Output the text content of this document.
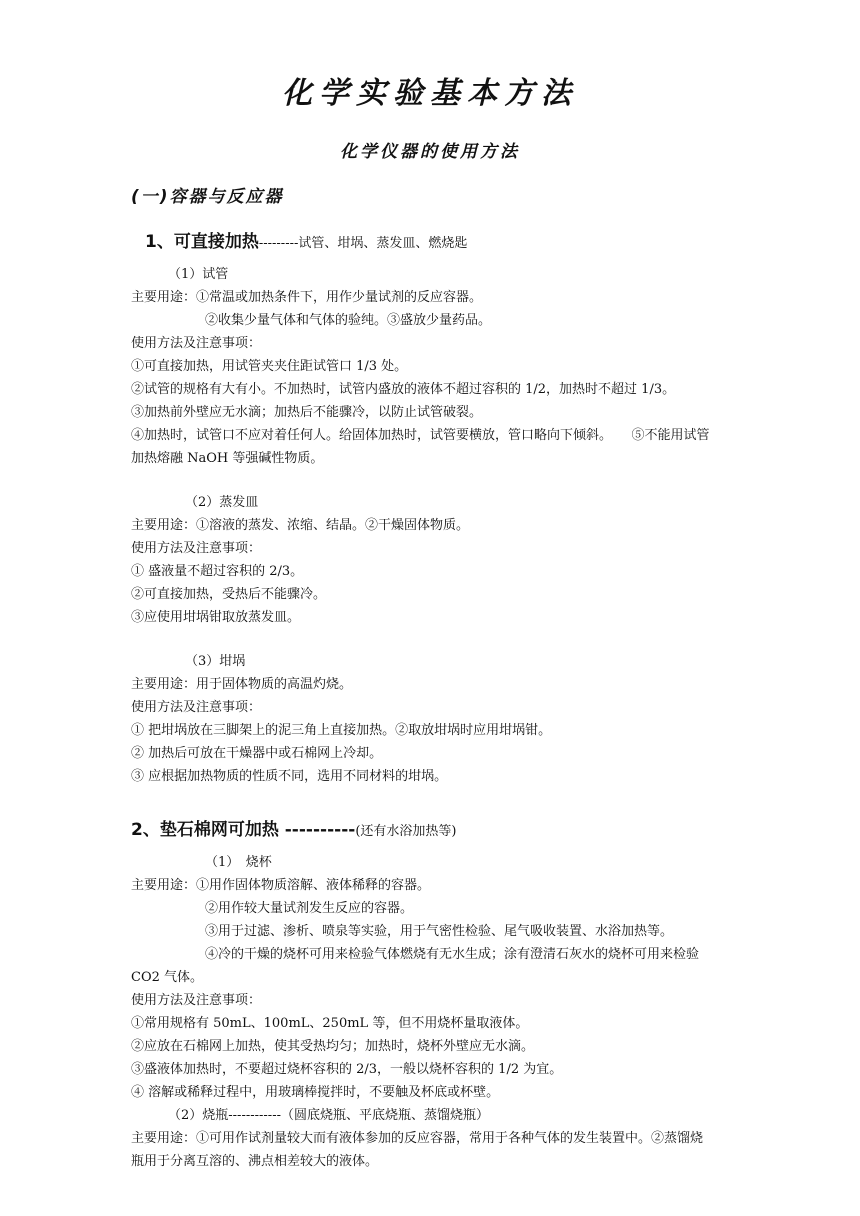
化学实验基本方法
化学仪器的使用方法
(一)容器与反应器
1、可直接加热---------试管、坩埚、蒸发皿、燃烧匙
（1）试管
主要用途：①常温或加热条件下，用作少量试剂的反应容器。
②收集少量气体和气体的验纯。③盛放少量药品。
使用方法及注意事项：
①可直接加热，用试管夹夹住距试管口 1/3 处。
②试管的规格有大有小。不加热时，试管内盛放的液体不超过容积的 1/2，加热时不超过 1/3。
③加热前外壁应无水滴；加热后不能骤冷，以防止试管破裂。
④加热时，试管口不应对着任何人。给固体加热时，试管要横放，管口略向下倾斜。　　⑤不能用试管
加热熔融 NaOH 等强碱性物质。
（2）蒸发皿
主要用途：①溶液的蒸发、浓缩、结晶。②干燥固体物质。
使用方法及注意事项：
① 盛液量不超过容积的 2/3。
②可直接加热，受热后不能骤冷。
③应使用坩埚钳取放蒸发皿。
（3）坩埚
主要用途：用于固体物质的高温灼烧。
使用方法及注意事项：
① 把坩埚放在三脚架上的泥三角上直接加热。②取放坩埚时应用坩埚钳。
② 加热后可放在干燥器中或石棉网上冷却。
③ 应根据加热物质的性质不同，选用不同材料的坩埚。
2、垫石棉网可加热 ----------(还有水浴加热等)
（1）　烧杯
主要用途：①用作固体物质溶解、液体稀释的容器。
②用作较大量试剂发生反应的容器。
③用于过滤、渗析、喷泉等实验，用于气密性检验、尾气吸收装置、水浴加热等。
④冷的干燥的烧杯可用来检验气体燃烧有无水生成；涂有澄清石灰水的烧杯可用来检验
CO2 气体。
使用方法及注意事项：
①常用规格有 50mL、100mL、250mL 等，但不用烧杯量取液体。
②应放在石棉网上加热，使其受热均匀；加热时，烧杯外壁应无水滴。
③盛液体加热时，不要超过烧杯容积的 2/3，一般以烧杯容积的 1/2 为宜。
④ 溶解或稀释过程中，用玻璃棒搅拌时，不要触及杯底或杯壁。
（2）烧瓶------------（圆底烧瓶、平底烧瓶、蒸馏烧瓶）
主要用途：①可用作试剂量较大而有液体参加的反应容器，常用于各种气体的发生装置中。②蒸馏烧
瓶用于分离互溶的、沸点相差较大的液体。
